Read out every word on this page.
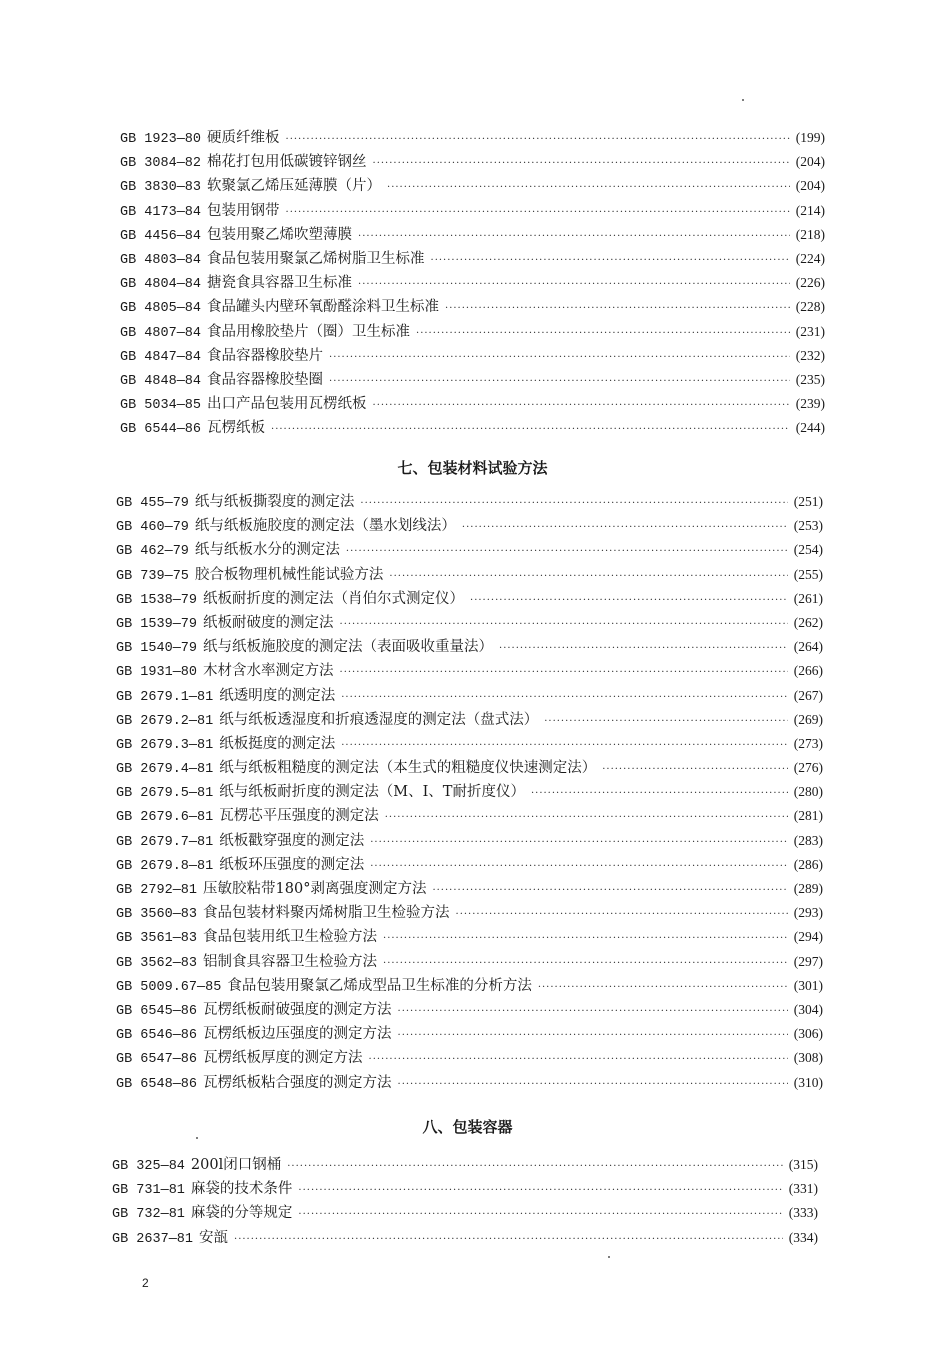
GB 1923—80 硬质纤维板 ·····	(199)
GB 3084—82 棉花打包用低碳镀锌钢丝 ·····	(204)
GB 3830—83 软聚氯乙烯压延薄膜（片） ·····	(204)
GB 4173—84 包装用钢带 ·····	(214)
GB 4456—84 包装用聚乙烯吹塑薄膜 ·····	(218)
GB 4803—84 食品包装用聚氯乙烯树脂卫生标准 ·····	(224)
GB 4804—84 搪瓷食具容器卫生标准 ·····	(226)
GB 4805—84 食品罐头内壁环氧酚醛涂料卫生标准 ·····	(228)
GB 4807—84 食品用橡胶垫片（圈）卫生标准 ·····	(231)
GB 4847—84 食品容器橡胶垫片 ·····	(232)
GB 4848—84 食品容器橡胶垫圈 ·····	(235)
GB 5034—85 出口产品包装用瓦楞纸板 ·····	(239)
GB 6544—86 瓦楞纸板 ·····	(244)
七、包装材料试验方法
GB 455—79 纸与纸板撕裂度的测定法 ·····	(251)
GB 460—79 纸与纸板施胶度的测定法（墨水划线法） ·····	(253)
GB 462—79 纸与纸板水分的测定法 ·····	(254)
GB 739—75 胶合板物理机械性能试验方法 ·····	(255)
GB 1538—79 纸板耐折度的测定法（肖伯尔式测定仪） ·····	(261)
GB 1539—79 纸板耐破度的测定法 ·····	(262)
GB 1540—79 纸与纸板施胶度的测定法（表面吸收重量法） ·····	(264)
GB 1931—80 木材含水率测定方法 ·····	(266)
GB 2679.1—81 纸透明度的测定法 ·····	(267)
GB 2679.2—81 纸与纸板透湿度和折痕透湿度的测定法（盘式法） ·····	(269)
GB 2679.3—81 纸板挺度的测定法 ·····	(273)
GB 2679.4—81 纸与纸板粗糙度的测定法（本生式的粗糙度仪快速测定法） ·····	(276)
GB 2679.5—81 纸与纸板耐折度的测定法（M、I、T耐折度仪） ·····	(280)
GB 2679.6—81 瓦楞芯平压强度的测定法 ·····	(281)
GB 2679.7—81 纸板戳穿强度的测定法 ·····	(283)
GB 2679.8—81 纸板环压强度的测定法 ·····	(286)
GB 2792—81 压敏胶粘带180°剥离强度测定方法 ·····	(289)
GB 3560—83 食品包装材料聚丙烯树脂卫生检验方法 ·····	(293)
GB 3561—83 食品包装用纸卫生检验方法 ·····	(294)
GB 3562—83 铝制食具容器卫生检验方法 ·····	(297)
GB 5009.67—85 食品包装用聚氯乙烯成型品卫生标准的分析方法 ·····	(301)
GB 6545—86 瓦楞纸板耐破强度的测定方法 ·····	(304)
GB 6546—86 瓦楞纸板边压强度的测定方法 ·····	(306)
GB 6547—86 瓦楞纸板厚度的测定方法 ·····	(308)
GB 6548—86 瓦楞纸板粘合强度的测定方法 ·····	(310)
八、包装容器
GB 325—84 200l闭口钢桶 ·····	(315)
GB 731—81 麻袋的技术条件 ·····	(331)
GB 732—81 麻袋的分等规定 ·····	(333)
GB 2637—81 安瓿 ·····	(334)
2
